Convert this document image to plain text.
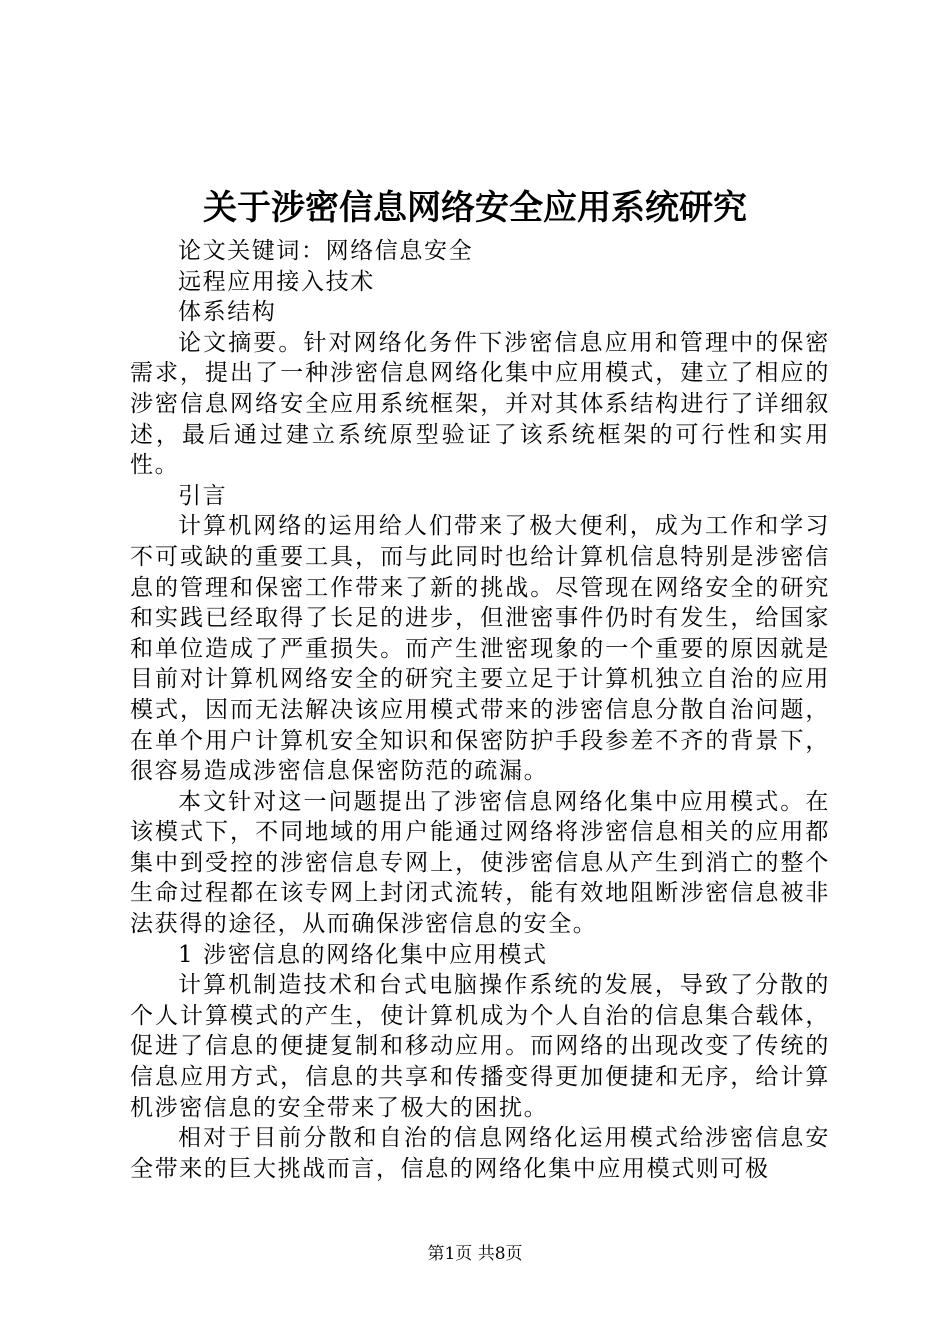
关于涉密信息网络安全应用系统研究

论文关键词：网络信息安全

远程应用接入技术

体系结构

论文摘要。针对网络化务件下涉密信息应用和管理中的保密需求，提出了一种涉密信息网络化集中应用模式，建立了相应的涉密信息网络安全应用系统框架，并对其体系结构进行了详细叙述，最后通过建立系统原型验证了该系统框架的可行性和实用性。

引言

计算机网络的运用给人们带来了极大便利，成为工作和学习不可或缺的重要工具，而与此同时也给计算机信息特别是涉密信息的管理和保密工作带来了新的挑战。尽管现在网络安全的研究和实践已经取得了长足的进步，但泄密事件仍时有发生，给国家和单位造成了严重损失。而产生泄密现象的一个重要的原因就是目前对计算机网络安全的研究主要立足于计算机独立自治的应用模式，因而无法解决该应用模式带来的涉密信息分散自治问题，在单个用户计算机安全知识和保密防护手段参差不齐的背景下，很容易造成涉密信息保密防范的疏漏。

本文针对这一问题提出了涉密信息网络化集中应用模式。在该模式下，不同地域的用户能通过网络将涉密信息相关的应用都集中到受控的涉密信息专网上，使涉密信息从产生到消亡的整个生命过程都在该专网上封闭式流转，能有效地阻断涉密信息被非法获得的途径，从而确保涉密信息的安全。

1 涉密信息的网络化集中应用模式

计算机制造技术和台式电脑操作系统的发展，导致了分散的个人计算模式的产生，使计算机成为个人自治的信息集合载体，促进了信息的便捷复制和移动应用。而网络的出现改变了传统的信息应用方式，信息的共享和传播变得更加便捷和无序，给计算机涉密信息的安全带来了极大的困扰。

相对于目前分散和自治的信息网络化运用模式给涉密信息安全带来的巨大挑战而言，信息的网络化集中应用模式则可极

第1页 共8页
